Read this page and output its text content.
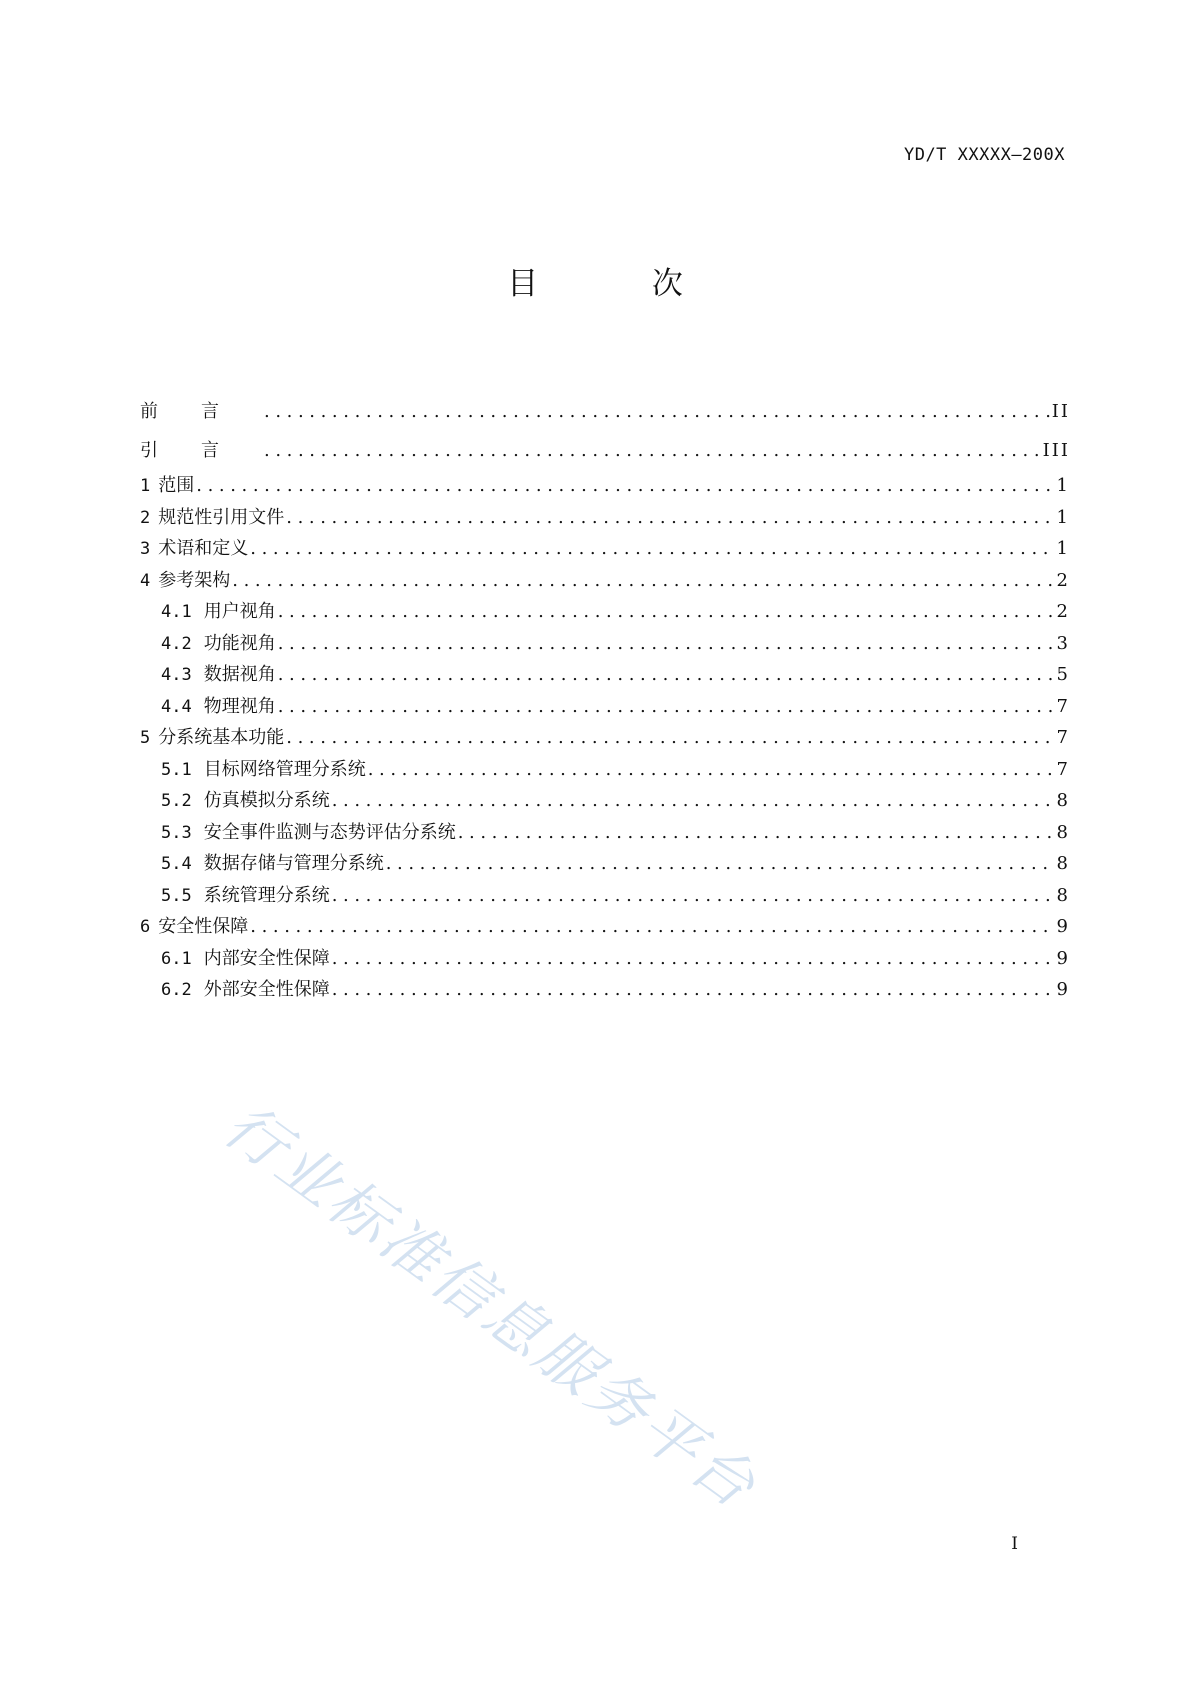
YD/T XXXXX—200X
目 次
前言 .....	II
引言 .....	III
1 范围 .....	1
2 规范性引用文件 .....	1
3 术语和定义 .....	1
4 参考架构 .....	2
4.1 用户视角 .....	2
4.2 功能视角 .....	3
4.3 数据视角 .....	5
4.4 物理视角 .....	7
5 分系统基本功能 .....	7
5.1 目标网络管理分系统 .....	7
5.2 仿真模拟分系统 .....	8
5.3 安全事件监测与态势评估分系统 .....	8
5.4 数据存储与管理分系统 .....	8
5.5 系统管理分系统 .....	8
6 安全性保障 .....	9
6.1 内部安全性保障 .....	9
6.2 外部安全性保障 .....	9
行业标准信息服务平台
I
